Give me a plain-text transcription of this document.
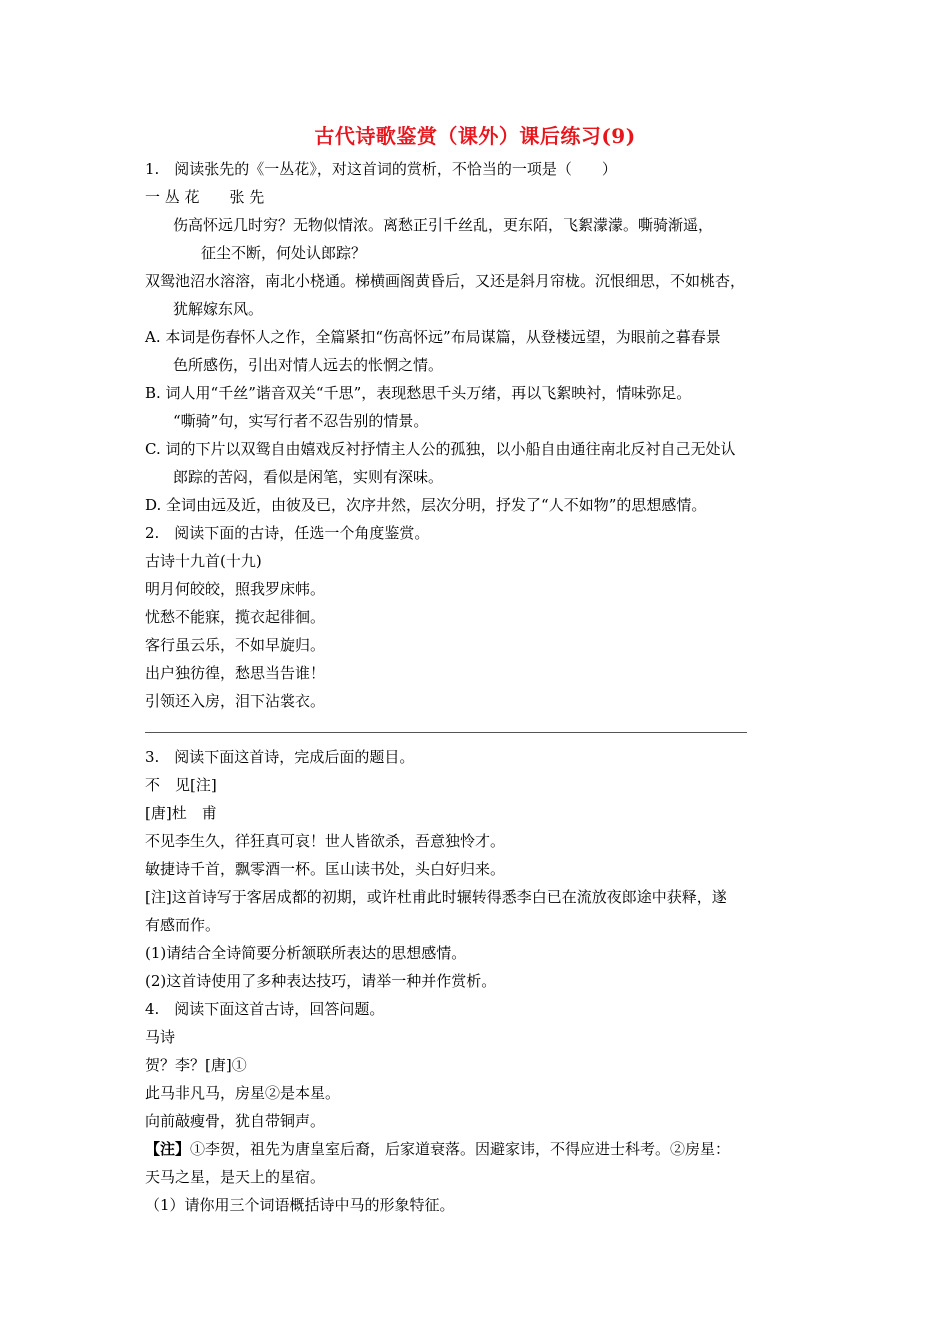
古代诗歌鉴赏（课外）课后练习(9)
1.　阅读张先的《一丛花》，对这首词的赏析，不恰当的一项是（　　）
一 丛 花　　张 先
伤高怀远几时穷？无物似情浓。离愁正引千丝乱，更东陌，飞絮濛濛。嘶骑渐遥，
征尘不断，何处认郎踪？
双鸳池沼水溶溶，南北小桡通。梯横画阁黄昏后，又还是斜月帘栊。沉恨细思，不如桃杏，
犹解嫁东风。
A. 本词是伤春怀人之作，全篇紧扣“伤高怀远”布局谋篇，从登楼远望，为眼前之暮春景
色所感伤，引出对情人远去的怅惘之情。
B. 词人用“千丝”谐音双关“千思”，表现愁思千头万绪，再以飞絮映衬，情味弥足。
“嘶骑”句，实写行者不忍告别的情景。
C. 词的下片以双鸳自由嬉戏反衬抒情主人公的孤独，以小船自由通往南北反衬自己无处认
郎踪的苦闷，看似是闲笔，实则有深味。
D. 全词由远及近，由彼及已，次序井然，层次分明，抒发了“人不如物”的思想感情。
2.　阅读下面的古诗，任选一个角度鉴赏。
古诗十九首(十九)
明月何皎皎，照我罗床帏。
忧愁不能寐，揽衣起徘徊。
客行虽云乐，不如早旋归。
出户独彷徨，愁思当告谁！
引领还入房，泪下沾裳衣。
3.　阅读下面这首诗，完成后面的题目。
不　见[注]
[唐]杜　甫
不见李生久，徉狂真可哀！世人皆欲杀，吾意独怜才。
敏捷诗千首，飘零酒一杯。匡山读书处，头白好归来。
[注]这首诗写于客居成都的初期，或许杜甫此时辗转得悉李白已在流放夜郎途中获释，遂
有感而作。
(1)请结合全诗简要分析颔联所表达的思想感情。
(2)这首诗使用了多种表达技巧，请举一种并作赏析。
4.　阅读下面这首古诗，回答问题。
马诗
贺？李？[唐]①
此马非凡马，房星②是本星。
向前敲瘦骨，犹自带铜声。
【注】①李贺，祖先为唐皇室后裔，后家道衰落。因避家讳，不得应进士科考。②房星：
天马之星，是天上的星宿。
（1）请你用三个词语概括诗中马的形象特征。
